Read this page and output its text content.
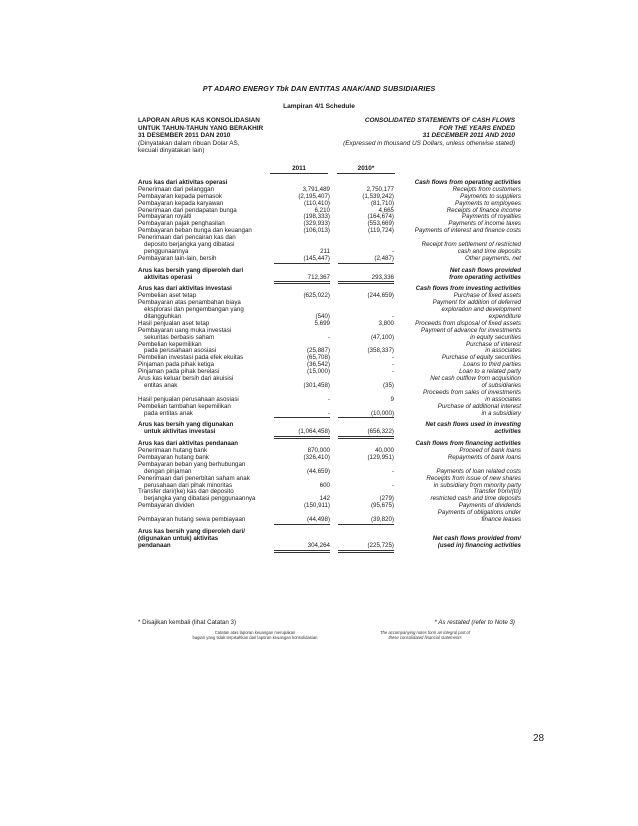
PT ADARO ENERGY Tbk DAN ENTITAS ANAK/AND SUBSIDIARIES
Lampiran 4/1 Schedule
LAPORAN ARUS KAS KONSOLIDASIAN
UNTUK TAHUN-TAHUN YANG BERAKHIR
31 DESEMBER 2011 DAN 2010
(Dinyatakan dalam ribuan Dolar AS,
kecuali dinyatakan lain)
CONSOLIDATED STATEMENTS OF CASH FLOWS
FOR THE YEARS ENDED
31 DECEMBER 2011 AND 2010
(Expressed in thousand US Dollars, unless otherwise stated)
2011	2010*
Arus kas dari aktivitas operasi	Cash flows from operating activities
Penerimaan dari pelanggan	3,791,489	2,750,177	Receipts from customers
Pembayaran kepada pemasok	(2,195,407)	(1,539,242)	Payments to suppliers
Pembayaran kepada karyawan	(110,410)	(81,710)	Payments to employees
Penerimaan dari pendapatan bunga	6,210	4,665	Receipts of finance income
Pembayaran royalti	(198,333)	(164,674)	Payments of royalties
Pembayaran pajak penghasilan	(329,933)	(553,669)	Payments of income taxes
Pembayaran beban bunga dan keuangan	(106,013)	(119,724)	Payments of interest and finance costs
Penerimaan dari pencairan kas dan
deposito berjangka yang dibatasi	Receipt from settlement of restricted
penggunaannya	211	-	cash and time deposits
Pembayaran lain-lain, bersih	(145,447)	(2,487)	Other payments, net
Arus kas bersih yang diperoleh dari	Net cash flows provided
aktivitas operasi	712,367	293,336	from operating activities
Arus kas dari aktivitas investasi	Cash flows from investing activities
Pembelian aset tetap	(625,022)	(244,659)	Purchase of fixed assets
Pembayaran atas penambahan biaya	Payment for addition of deferred
eksplorasi dan pengembangan yang	exploration and development
ditangguhkan	(540)	-	expenditure
Hasil penjualan aset tetap	5,699	3,800	Proceeds from disposal of fixed assets
Pembayaran uang muka investasi	Payment of advance for investments
sekuritas berbasis saham	-	(47,100)	in equity securities
Pembelian kepemilikan	Purchase of interest
pada perusahaan asosiasi	(25,887)	(358,337)	in associates
Pembelian investasi pada efek ekuitas	(65,708)	-	Purchase of equity securities
Pinjaman pada pihak ketiga	(36,542)	-	Loans to third parties
Pinjaman pada pihak berelasi	(15,000)	-	Loan to a related party
Arus kas keluar bersih dari akuisisi	Net cash outflow from acquisition
entitas anak	(301,458)	(35)	of subsidiaries
Proceeds from sales of investments
Hasil penjualan perusahaan asosiasi	-	9	in associates
Pembelian tambahan kepemilikan	Purchase of additional interest
pada entitas anak	-	(10,000)	in a subsidiary
Arus kas bersih yang digunakan	Net cash flows used in investing
untuk aktivitas investasi	(1,064,458)	(656,322)	activities
Arus kas dari aktivitas pendanaan	Cash flows from financing activities
Penerimaan hutang bank	870,000	40,000	Proceed of bank loans
Pembayaran hutang bank	(326,410)	(129,951)	Repayments of bank loans
Pembayaran beban yang berhubungan
dengan pinjaman	(44,659)	-	Payments of loan related costs
Penerimaan dari penerbitan saham anak	Receipts from issue of new shares
perusahaan dari pihak minoritas	600	-	in subsidiary from minority party
Transfer dari/(ke) kas dan deposito	Transfer from/(to)
berjangka yang dibatasi penggunaannya	142	(279)	restricted cash and time deposits
Pembayaran dividen	(150,911)	(95,675)	Payments of dividends
Payments of obligations under
Pembayaran hutang sewa pembiayaan	(44,498)	(39,820)	finance leases
Arus kas bersih yang diperoleh dari/
(digunakan untuk) aktivitas	Net cash flows provided from/
pendanaan	304,264	(225,725)	(used in) financing activities
* Disajikan kembali (lihat Catatan 3)	* As restated (refer to Note 3)
Catatan atas laporan keuangan merupakan
bagian yang tidak terpisahkan dari laporan keuangan konsolidasian
The accompanying notes form an integral part of
these consolidated financial statements
28
